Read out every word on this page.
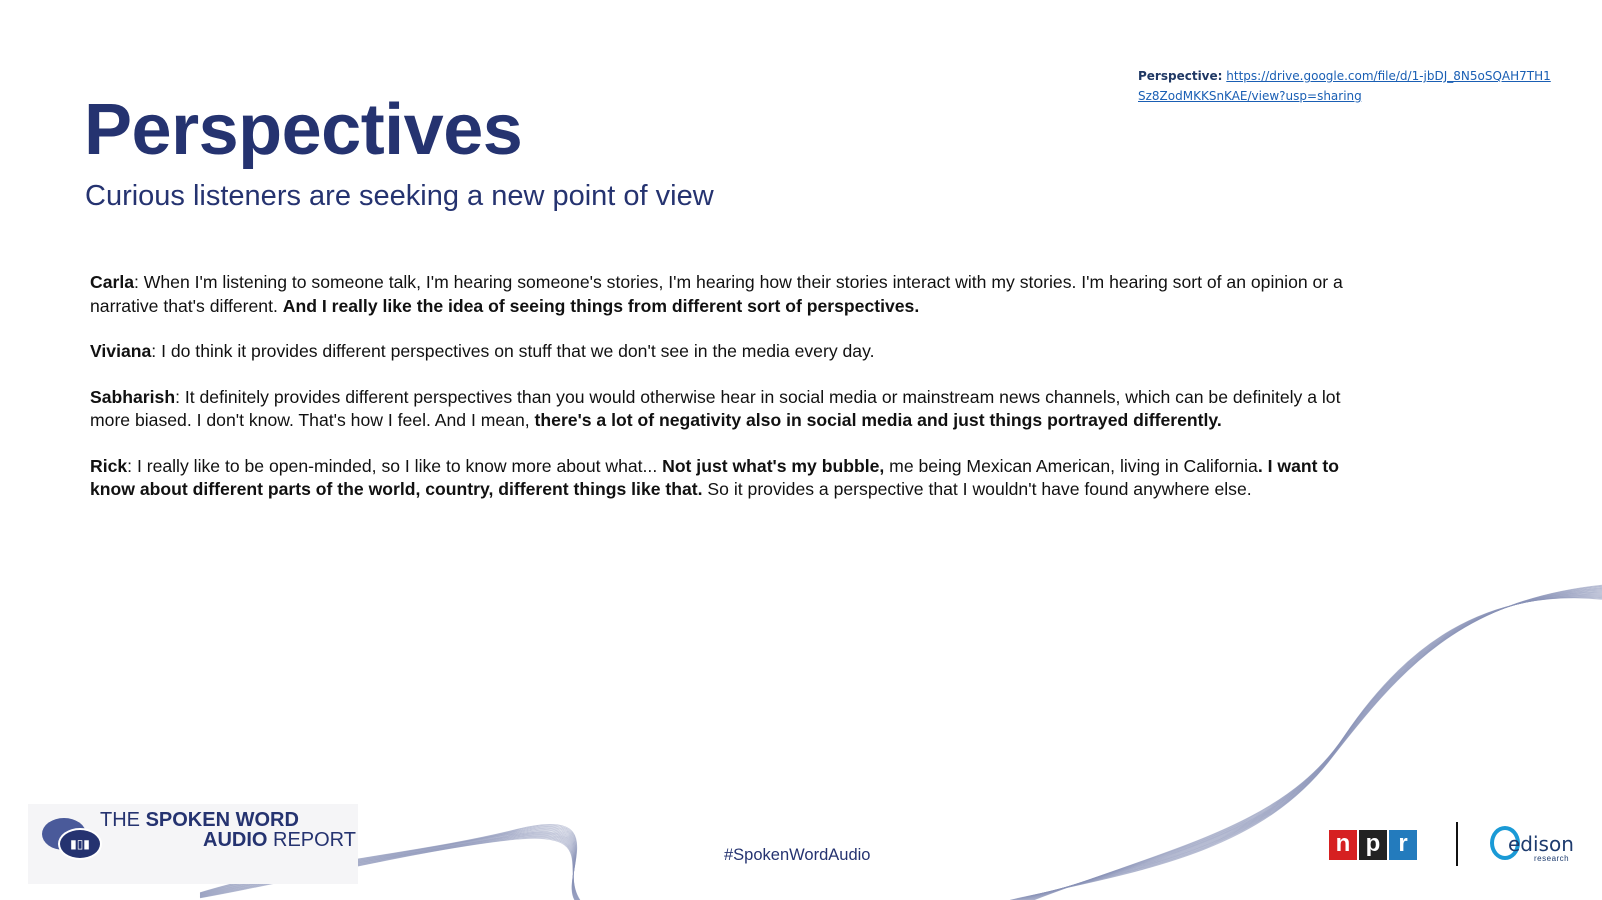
Perspective: https://drive.google.com/file/d/1-jbDJ_8N5oSQAH7TH1Sz8ZodMKKSnKAE/view?usp=sharing
Perspectives
Curious listeners are seeking a new point of view

Carla: When I'm listening to someone talk, I'm hearing someone's stories, I'm hearing how their stories interact with my stories. I'm hearing sort of an opinion or a narrative that's different. And I really like the idea of seeing things from different sort of perspectives.

Viviana: I do think it provides different perspectives on stuff that we don't see in the media every day.

Sabharish: It definitely provides different perspectives than you would otherwise hear in social media or mainstream news channels, which can be definitely a lot more biased. I don't know. That's how I feel. And I mean, there's a lot of negativity also in social media and just things portrayed differently.

Rick: I really like to be open-minded, so I like to know more about what... Not just what's my bubble, me being Mexican American, living in California. I want to know about different parts of the world, country, different things like that. So it provides a perspective that I wouldn't have found anywhere else.

▮▯▮
THE SPOKEN WORD
AUDIO REPORT
#SpokenWordAudio	n p r	edison
research
